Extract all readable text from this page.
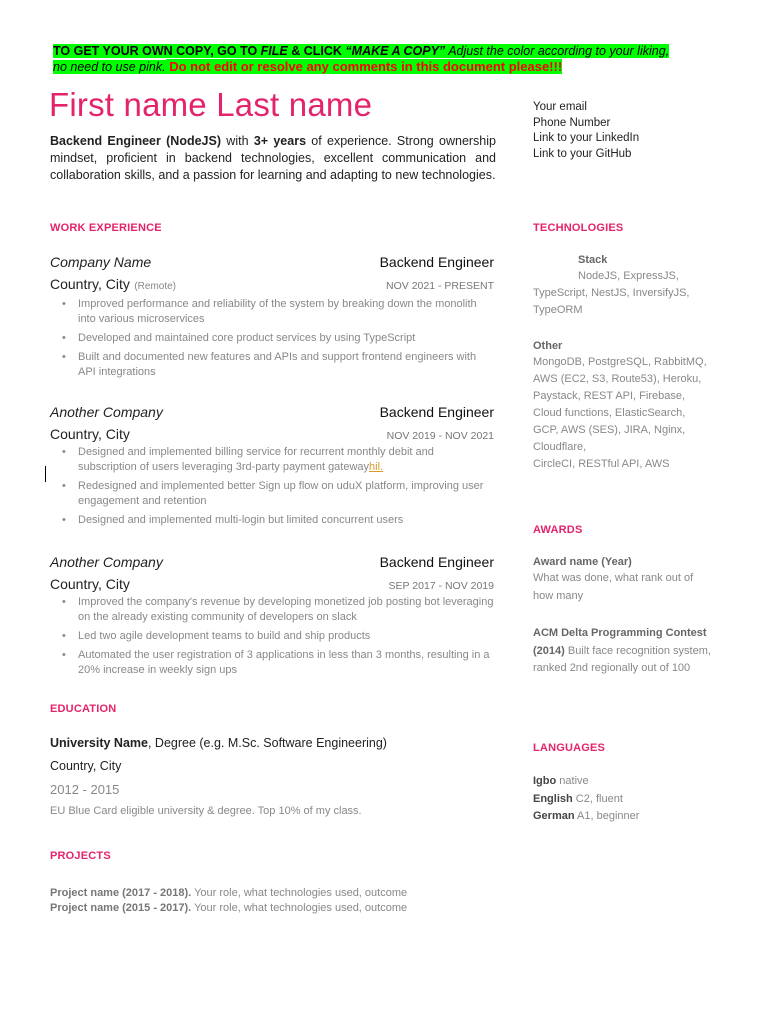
TO GET YOUR OWN COPY, GO TO FILE & CLICK “MAKE A COPY” Adjust the color according to your liking, no need to use pink. Do not edit or resolve any comments in this document please!!!
First name Last name

Backend Engineer (NodeJS) with 3+ years of experience. Strong ownership mindset, proficient in backend technologies, excellent communication and collaboration skills, and a passion for learning and adapting to new technologies.

Your email
Phone Number
Link to your LinkedIn
Link to your GitHub
WORK EXPERIENCE
Company Name	Backend Engineer
Country, City (Remote)	NOV 2021 - PRESENT
• Improved performance and reliability of the system by breaking down the monolith into various microservices
• Developed and maintained core product services by using TypeScript
• Built and documented new features and APIs and support frontend engineers with API integrations
Another Company	Backend Engineer
Country, City	NOV 2019 - NOV 2021
• Designed and implemented billing service for recurrent monthly debit and subscription of users leveraging 3rd-party payment gatewayhil.
• Redesigned and implemented better Sign up flow on uduX platform, improving user engagement and retention
• Designed and implemented multi-login but limited concurrent users
Another Company	Backend Engineer
Country, City	SEP 2017 - NOV 2019
• Improved the company's revenue by developing monetized job posting bot leveraging on the already existing community of developers on slack
• Led two agile development teams to build and ship products
• Automated the user registration of 3 applications in less than 3 months, resulting in a 20% increase in weekly sign ups
EDUCATION
University Name, Degree (e.g. M.Sc. Software Engineering)
Country, City
2012 - 2015
EU Blue Card eligible university & degree. Top 10% of my class.
PROJECTS
Project name (2017 - 2018). Your role, what technologies used, outcome
Project name (2015 - 2017). Your role, what technologies used, outcome
TECHNOLOGIES
Stack
NodeJS, ExpressJS,
TypeScript, NestJS, InversifyJS, TypeORM
Other
MongoDB, PostgreSQL, RabbitMQ, AWS (EC2, S3, Route53), Heroku, Paystack, REST API, Firebase, Cloud functions, ElasticSearch, GCP, AWS (SES), JIRA, Nginx, Cloudflare,
CircleCI, RESTful API, AWS
AWARDS
Award name (Year)
What was done, what rank out of how many
ACM Delta Programming Contest (2014) Built face recognition system, ranked 2nd regionally out of 100
LANGUAGES
Igbo native
English C2, fluent
German A1, beginner
